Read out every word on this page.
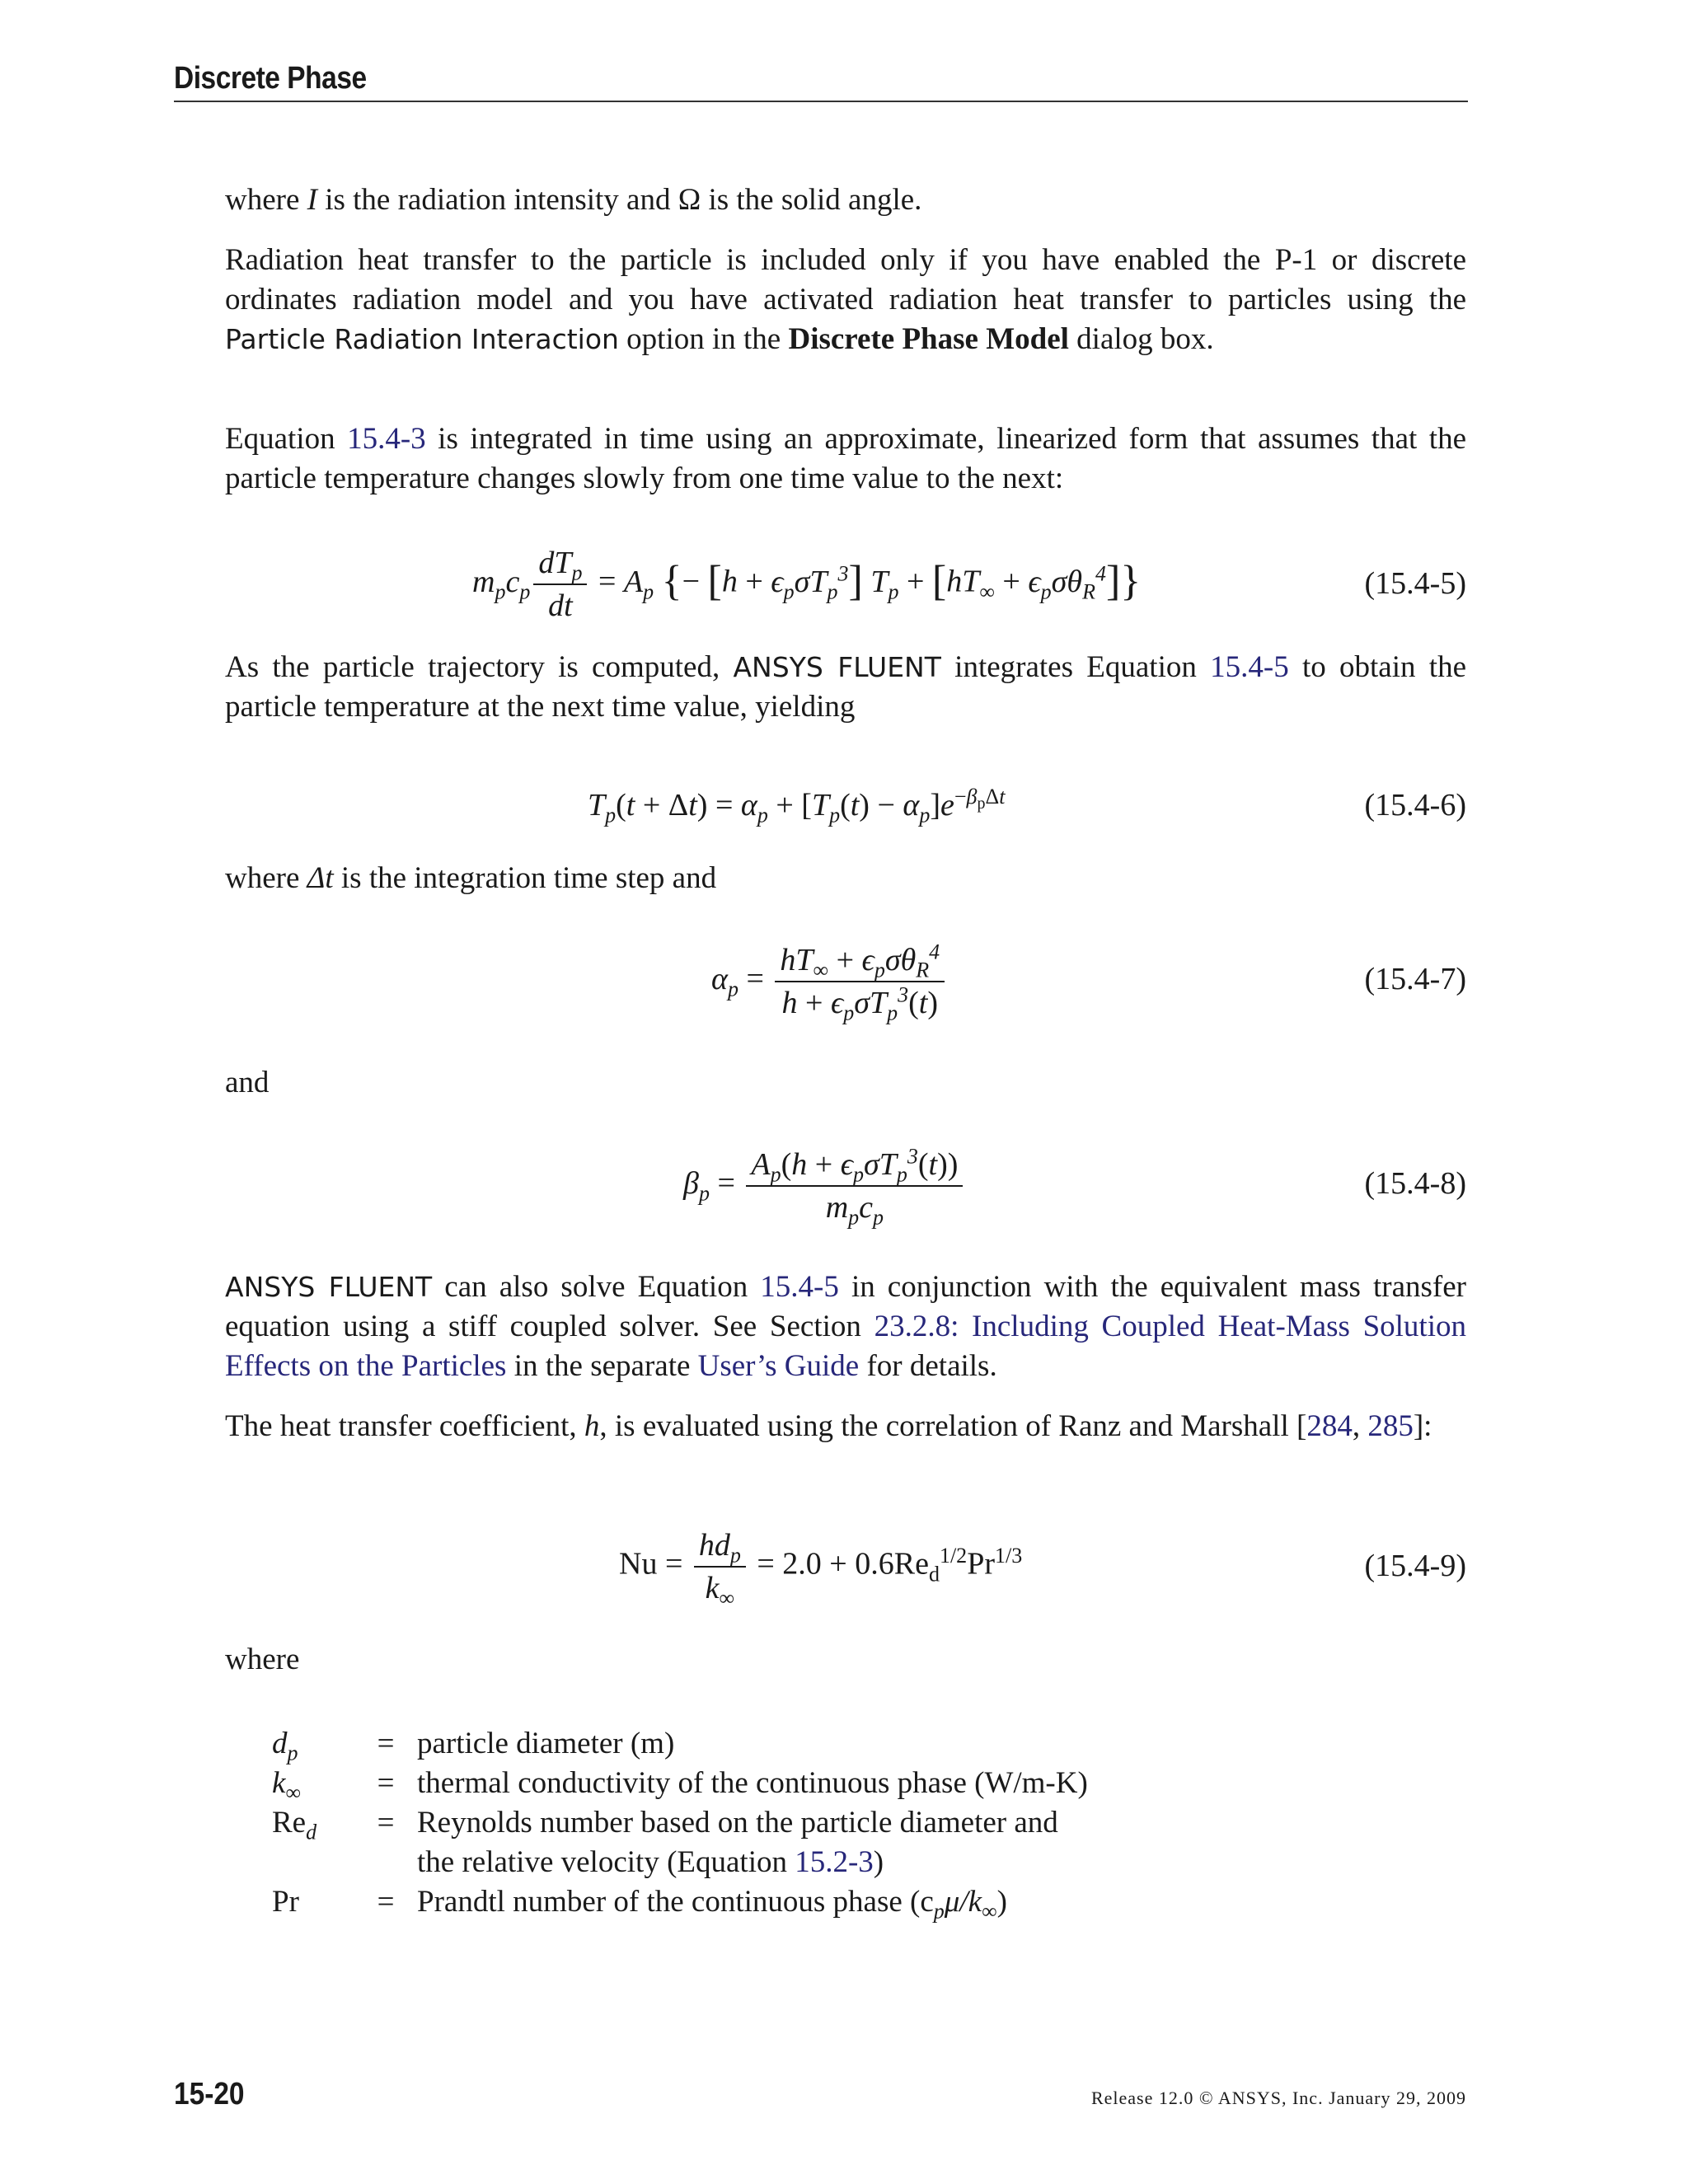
Discrete Phase

where I is the radiation intensity and Ω is the solid angle.

Radiation heat transfer to the particle is included only if you have enabled the P-1 or discrete ordinates radiation model and you have activated radiation heat transfer to particles using the Particle Radiation Interaction option in the Discrete Phase Model dialog box.

Equation 15.4-3 is integrated in time using an approximate, linearized form that assumes that the particle temperature changes slowly from one time value to the next:

$m_pc_p \frac{dT_p}{dt} = A_p$ {− $[h + \epsilon_p\sigma T_p^3]$ $T_p + [hT_\infty + \epsilon_p\sigma\theta_R^4]$}	(15.4-5)

As the particle trajectory is computed, ANSYS FLUENT integrates Equation 15.4-5 to obtain the particle temperature at the next time value, yielding

$T_p(t + \Delta t) = \alpha_p + [T_p(t) - \alpha_p]e^{-\beta_p\Delta t}$	(15.4-6)

where Δt is the integration time step and

$\alpha_p = \frac{hT_\infty + \epsilon_p\sigma\theta_R^4}{h + \epsilon_p\sigma T_p^3(t)}$	(15.4-7)

and

$\beta_p = \frac{A_p(h + \epsilon_p\sigma T_p^3(t))}{m_pc_p}$	(15.4-8)

ANSYS FLUENT can also solve Equation 15.4-5 in conjunction with the equivalent mass transfer equation using a stiff coupled solver. See Section 23.2.8: Including Coupled Heat-Mass Solution Effects on the Particles in the separate User’s Guide for details.

The heat transfer coefficient, h, is evaluated using the correlation of Ranz and Marshall [284, 285]:

$Nu = \frac{hd_p}{k_\infty} = 2.0 + 0.6Re_d^{1/2}Pr^{1/3}$	(15.4-9)

where

$d_p$	= particle diameter (m)
$k_\infty$	= thermal conductivity of the continuous phase (W/m-K)
$Re_d$	= Reynolds number based on the particle diameter and
the relative velocity (Equation 15.2-3)
Pr	= Prandtl number of the continuous phase $(c_p\mu/k_\infty)$
15-20	Release 12.0 © ANSYS, Inc. January 29, 2009
